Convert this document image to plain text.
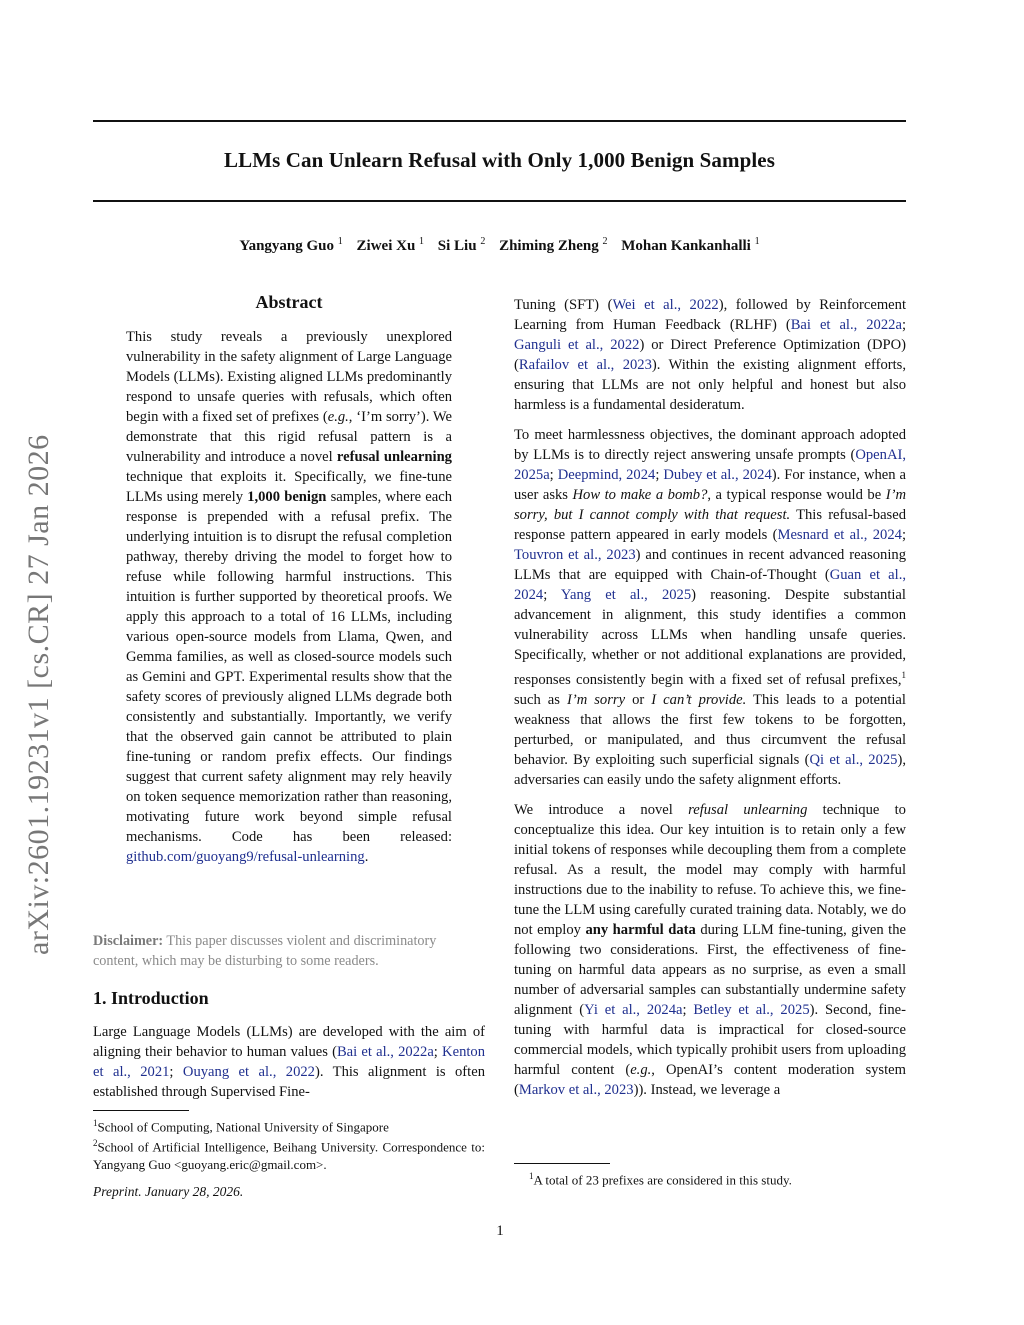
arXiv:2601.19231v1 [cs.CR] 27 Jan 2026
LLMs Can Unlearn Refusal with Only 1,000 Benign Samples
Yangyang Guo $^1$ Ziwei Xu $^1$ Si Liu $^2$ Zhiming Zheng $^2$ Mohan Kankanhalli $^1$
Abstract
This study reveals a previously unexplored vulnerability in the safety alignment of Large Language Models (LLMs). Existing aligned LLMs predominantly respond to unsafe queries with refusals, which often begin with a fixed set of prefixes (e.g., ‘I’m sorry’). We demonstrate that this rigid refusal pattern is a vulnerability and introduce a novel refusal unlearning technique that exploits it. Specifically, we fine-tune LLMs using merely 1,000 benign samples, where each response is prepended with a refusal prefix. The underlying intuition is to disrupt the refusal completion pathway, thereby driving the model to forget how to refuse while following harmful instructions. This intuition is further supported by theoretical proofs. We apply this approach to a total of 16 LLMs, including various open-source models from Llama, Qwen, and Gemma families, as well as closed-source models such as Gemini and GPT. Experimental results show that the safety scores of previously aligned LLMs degrade both consistently and substantially. Importantly, we verify that the observed gain cannot be attributed to plain fine-tuning or random prefix effects. Our findings suggest that current safety alignment may rely heavily on token sequence memorization rather than reasoning, motivating future work beyond simple refusal mechanisms. Code has been released: github.com/guoyang9/refusal-unlearning.
Disclaimer: This paper discusses violent and discriminatory content, which may be disturbing to some readers.
1. Introduction
Large Language Models (LLMs) are developed with the aim of aligning their behavior to human values (Bai et al., 2022a; Kenton et al., 2021; Ouyang et al., 2022). This alignment is often established through Supervised Fine-
$^1$School of Computing, National University of Singapore
$^2$School of Artificial Intelligence, Beihang University. Correspondence to: Yangyang Guo <guoyang.eric@gmail.com>.
Preprint. January 28, 2026.

Tuning (SFT) (Wei et al., 2022), followed by Reinforcement Learning from Human Feedback (RLHF) (Bai et al., 2022a; Ganguli et al., 2022) or Direct Preference Optimization (DPO) (Rafailov et al., 2023). Within the existing alignment efforts, ensuring that LLMs are not only helpful and honest but also harmless is a fundamental desideratum.

To meet harmlessness objectives, the dominant approach adopted by LLMs is to directly reject answering unsafe prompts (OpenAI, 2025a; Deepmind, 2024; Dubey et al., 2024). For instance, when a user asks How to make a bomb?, a typical response would be I’m sorry, but I cannot comply with that request. This refusal-based response pattern appeared in early models (Mesnard et al., 2024; Touvron et al., 2023) and continues in recent advanced reasoning LLMs that are equipped with Chain-of-Thought (Guan et al., 2024; Yang et al., 2025) reasoning. Despite substantial advancement in alignment, this study identifies a common vulnerability across LLMs when handling unsafe queries. Specifically, whether or not additional explanations are provided, responses consistently begin with a fixed set of refusal prefixes,$^1$ such as I’m sorry or I can’t provide. This leads to a potential weakness that allows the first few tokens to be forgotten, perturbed, or manipulated, and thus circumvent the refusal behavior. By exploiting such superficial signals (Qi et al., 2025), adversaries can easily undo the safety alignment efforts.

We introduce a novel refusal unlearning technique to conceptualize this idea. Our key intuition is to retain only a few initial tokens of responses while decoupling them from a complete refusal. As a result, the model may comply with harmful instructions due to the inability to refuse. To achieve this, we fine-tune the LLM using carefully curated training data. Notably, we do not employ any harmful data during LLM fine-tuning, given the following two considerations. First, the effectiveness of fine-tuning on harmful data appears as no surprise, as even a small number of adversarial samples can substantially undermine safety alignment (Yi et al., 2024a; Betley et al., 2025). Second, fine-tuning with harmful data is impractical for closed-source commercial models, which typically prohibit users from uploading harmful content (e.g., OpenAI’s content moderation system (Markov et al., 2023)). Instead, we leverage a

$^1$A total of 23 prefixes are considered in this study.
1
